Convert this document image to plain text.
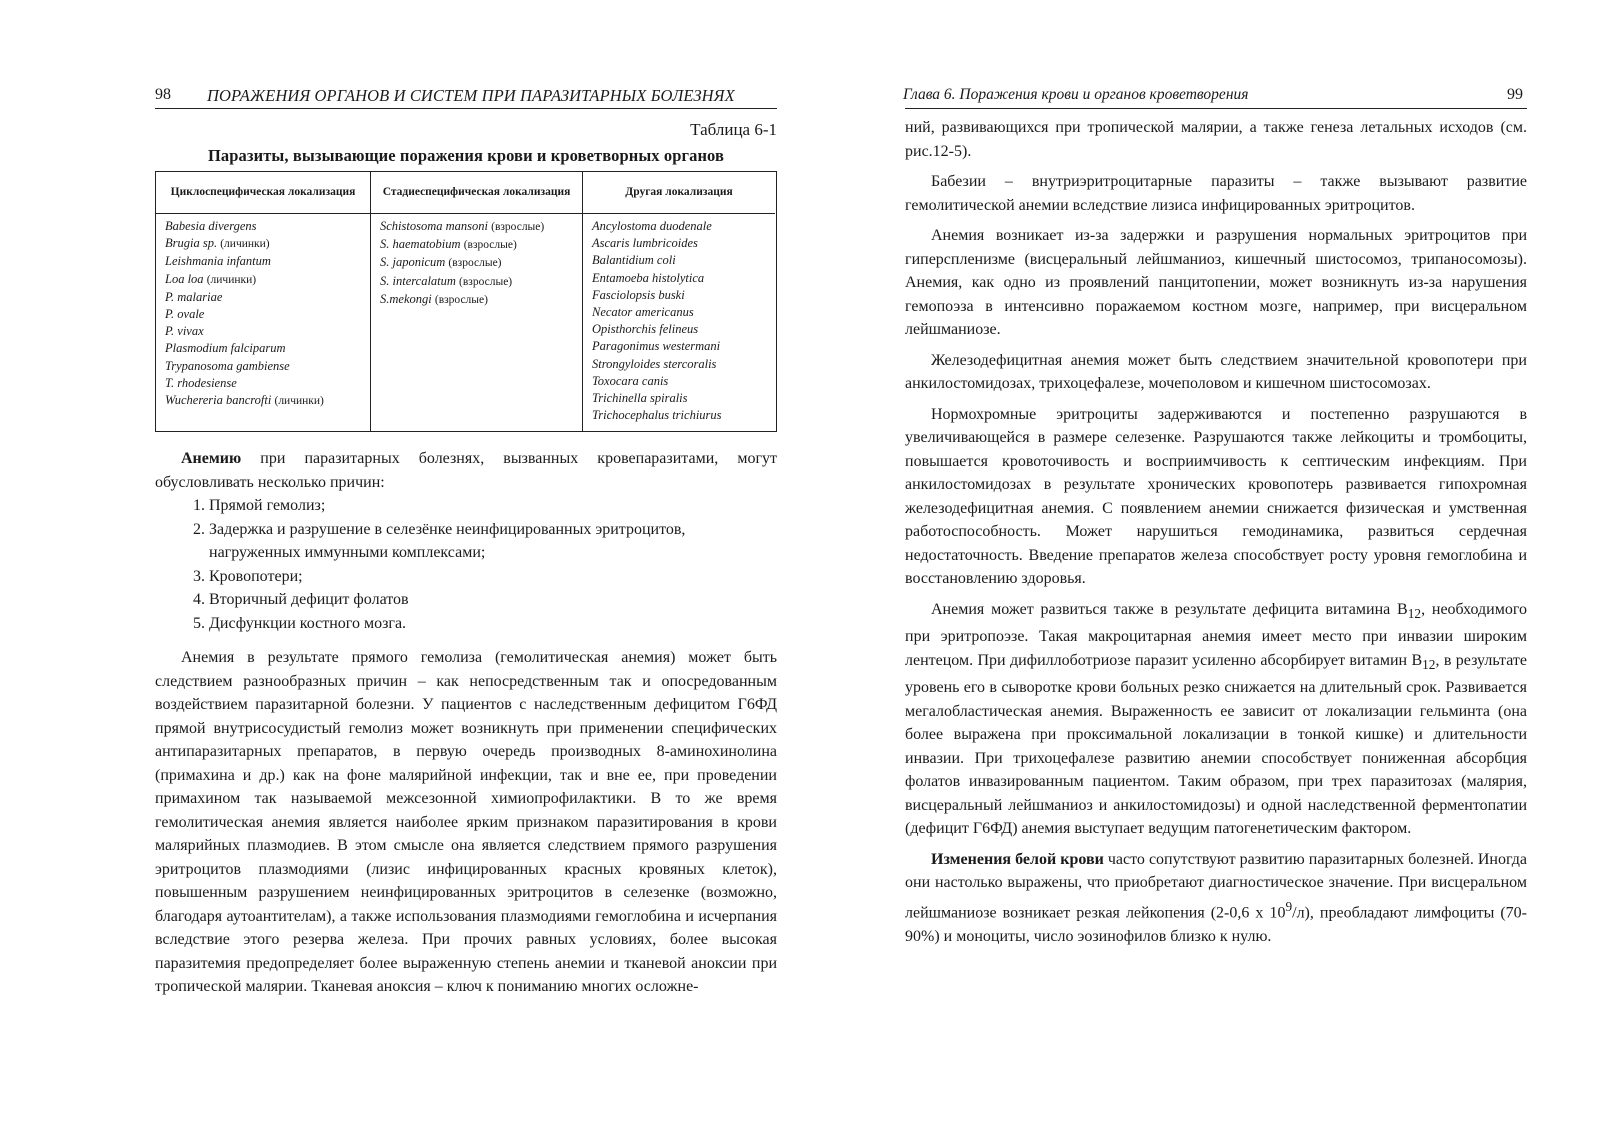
98 ПОРАЖЕНИЯ ОРГАНОВ И СИСТЕМ ПРИ ПАРАЗИТАРНЫХ БОЛЕЗНЯХ
Таблица 6-1
Паразиты, вызывающие поражения крови и кроветворных органов
Циклоспецифическая локализация
Babesia divergens
Brugia sp. (личинки)
Leishmania infantum
Loa loa (личинки)
P. malariae
P. ovale
P. vivax
Plasmodium falciparum
Trypanosoma gambiense
T. rhodesiense
Wuchereria bancrofti (личинки)
Стадиеспецифическая локализация
Schistosoma mansoni (взрослые)
S. haematobium (взрослые)
S. japonicum (взрослые)
S. intercalatum (взрослые)
S.mekongi (взрослые)
Другая локализация
Ancylostoma duodenale
Ascaris lumbricoides
Balantidium coli
Entamoeba histolytica
Fasciolopsis buski
Necator americanus
Opisthorchis felineus
Paragonimus westermani
Strongyloides stercoralis
Toxocara canis
Trichinella spiralis
Trichocephalus trichiurus

Анемию при паразитарных болезнях, вызванных кровепаразитами, могут обусловливать несколько причин:

1. Прямой гемолиз;
2. Задержка и разрушение в селезёнке неинфицированных эритроцитов, нагруженных иммунными комплексами;
3. Кровопотери;
4. Вторичный дефицит фолатов
5. Дисфункции костного мозга.

Анемия в результате прямого гемолиза (гемолитическая анемия) может быть следствием разнообразных причин – как непосредственным так и опосредованным воздействием паразитарной болезни. У пациентов с наследственным дефицитом Г6ФД прямой внутрисосудистый гемолиз может возникнуть при применении специфических антипаразитарных препаратов, в первую очередь производных 8-аминохинолина (примахина и др.) как на фоне малярийной инфекции, так и вне ее, при проведении примахином так называемой межсезонной химиопрофилактики. В то же время гемолитическая анемия является наиболее ярким признаком паразитирования в крови малярийных плазмодиев. В этом смысле она является следствием прямого разрушения эритроцитов плазмодиями (лизис инфицированных красных кровяных клеток), повышенным разрушением неинфицированных эритроцитов в селезенке (возможно, благодаря аутоантителам), а также использования плазмодиями гемоглобина и исчерпания вследствие этого резерва железа. При прочих равных условиях, более высокая паразитемия предопределяет более выраженную степень анемии и тканевой аноксии при тропической малярии. Тканевая аноксия – ключ к пониманию многих осложне-

Глава 6. Поражения крови и органов кроветворения	99

ний, развивающихся при тропической малярии, а также генеза летальных исходов (см. рис.12-5).

Бабезии – внутриэритроцитарные паразиты – также вызывают развитие гемолитической анемии вследствие лизиса инфицированных эритроцитов.

Анемия возникает из-за задержки и разрушения нормальных эритроцитов при гиперспленизме (висцеральный лейшманиоз, кишечный шистосомоз, трипаносомозы). Анемия, как одно из проявлений панцитопении, может возникнуть из-за нарушения гемопоэза в интенсивно поражаемом костном мозге, например, при висцеральном лейшманиозе.

Железодефицитная анемия может быть следствием значительной кровопотери при анкилостомидозах, трихоцефалезе, мочеполовом и кишечном шистосомозах.

Нормохромные эритроциты задерживаются и постепенно разрушаются в увеличивающейся в размере селезенке. Разрушаются также лейкоциты и тромбоциты, повышается кровоточивость и восприимчивость к септическим инфекциям. При анкилостомидозах в результате хронических кровопотерь развивается гипохромная железодефицитная анемия. С появлением анемии снижается физическая и умственная работоспособность. Может нарушиться гемодинамика, развиться сердечная недостаточность. Введение препаратов железа способствует росту уровня гемоглобина и восстановлению здоровья.

Анемия может развиться также в результате дефицита витамина $B_{12}$, необходимого при эритропоэзе. Такая макроцитарная анемия имеет место при инвазии широким лентецом. При дифиллоботриозе паразит усиленно абсорбирует витамин $B_{12}$, в результате уровень его в сыворотке крови больных резко снижается на длительный срок. Развивается мегалобластическая анемия. Выраженность ее зависит от локализации гельминта (она более выражена при проксимальной локализации в тонкой кишке) и длительности инвазии. При трихоцефалезе развитию анемии способствует пониженная абсорбция фолатов инвазированным пациентом. Таким образом, при трех паразитозах (малярия, висцеральный лейшманиоз и анкилостомидозы) и одной наследственной ферментопатии (дефицит Г6ФД) анемия выступает ведущим патогенетическим фактором.

Изменения белой крови часто сопутствуют развитию паразитарных болезней. Иногда они настолько выражены, что приобретают диагностическое значение. При висцеральном лейшманиозе возникает резкая лейкопения (2-0,6 х $10^9/л$), преобладают лимфоциты (70-90%) и моноциты, число эозинофилов близко к нулю.
